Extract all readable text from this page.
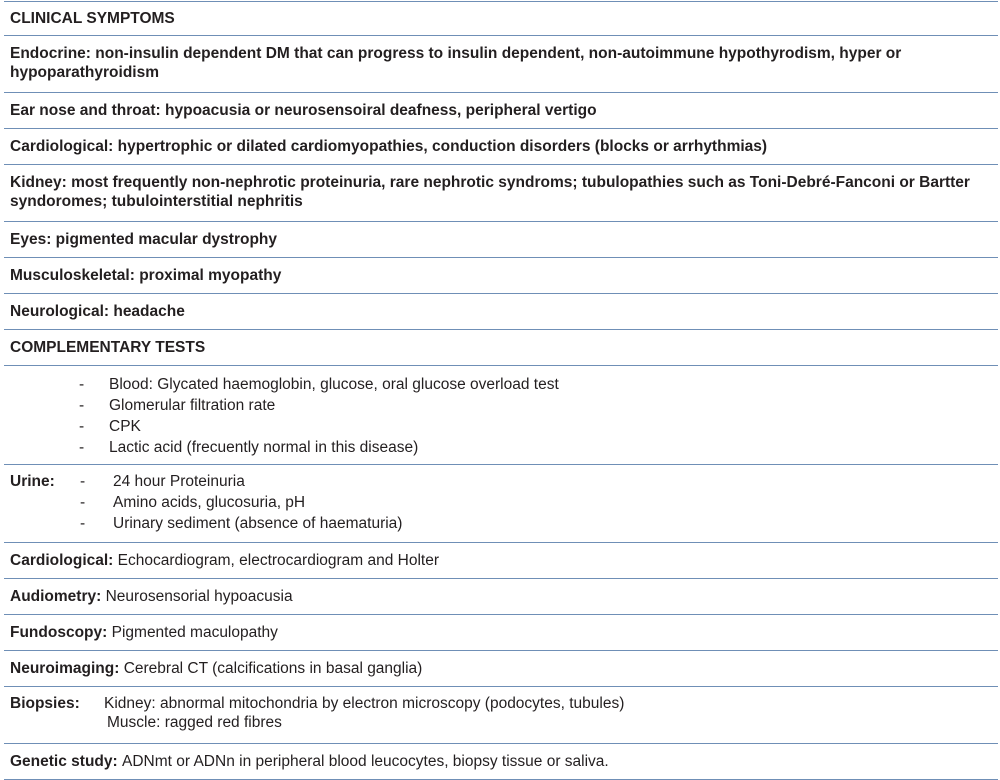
CLINICAL SYMPTOMS
Endocrine: non-insulin dependent DM that can progress to insulin dependent, non-autoimmune hypothyrodism, hyper or hypoparathyroidism
Ear nose and throat: hypoacusia or neurosensoiral deafness, peripheral vertigo
Cardiological: hypertrophic or dilated cardiomyopathies, conduction disorders (blocks or arrhythmias)
Kidney: most frequently non-nephrotic proteinuria, rare nephrotic syndroms; tubulopathies such as Toni-Debré-Fanconi or Bartter syndoromes; tubulointerstitial nephritis
Eyes: pigmented macular dystrophy
Musculoskeletal: proximal myopathy
Neurological: headache
COMPLEMENTARY TESTS
-	Blood: Glycated haemoglobin, glucose, oral glucose overload test
-	Glomerular filtration rate
-	CPK
-	Lactic acid (frecuently normal in this disease)
Urine:	-	24 hour Proteinuria
-	Amino acids, glucosuria, pH
-	Urinary sediment (absence of haematuria)
Cardiological:
Echocardiogram, electrocardiogram and Holter
Audiometry:
Neurosensorial hypoacusia
Fundoscopy:
Pigmented maculopathy
Neuroimaging:
Cerebral CT (calcifications in basal ganglia)
Biopsies:	Kidney: abnormal mitochondria by electron microscopy (podocytes, tubules)
Muscle: ragged red fibres
Genetic study:
ADNmt or ADNn in peripheral blood leucocytes, biopsy tissue or saliva.
